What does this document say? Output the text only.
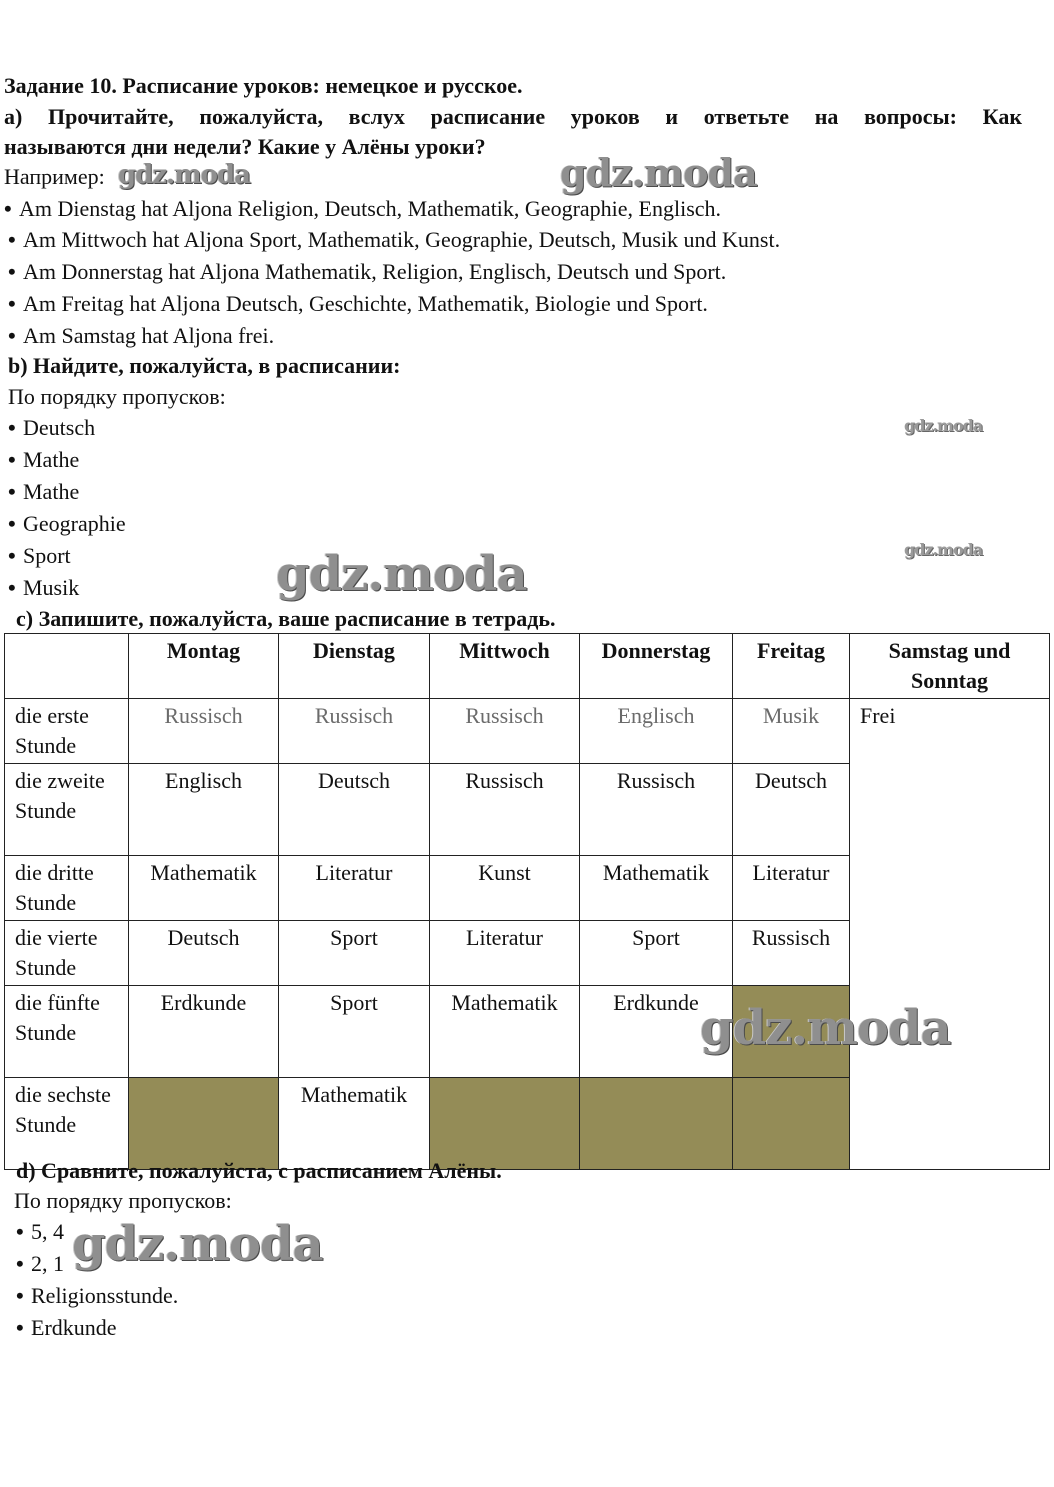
Задание 10. Расписание уроков: немецкое и русское.
a) Прочитайте, пожалуйста, вслух расписание уроков и ответьте на вопросы: Как
называются дни недели? Какие у Алёны уроки?
Например:
• Am Dienstag hat Aljona Religion, Deutsch, Mathematik, Geographie, Englisch.
• Am Mittwoch hat Aljona Sport, Mathematik, Geographie, Deutsch, Musik und Kunst.
• Am Donnerstag hat Aljona Mathematik, Religion, Englisch, Deutsch und Sport.
• Am Freitag hat Aljona Deutsch, Geschichte, Mathematik, Biologie und Sport.
• Am Samstag hat Aljona frei.
b) Найдите, пожалуйста, в расписании:
По порядку пропусков:
• Deutsch
• Mathe
• Mathe
• Geographie
• Sport
• Musik
c) Запишите, пожалуйста, ваше расписание в тетрадь.
	Montag	Dienstag	Mittwoch	Donnerstag	Freitag	Samstag und Sonntag
die erste Stunde	Russisch	Russisch	Russisch	Englisch	Musik	Frei
die zweite Stunde	Englisch	Deutsch	Russisch	Russisch	Deutsch	
die dritte Stunde	Mathematik	Literatur	Kunst	Mathematik	Literatur	
die vierte Stunde	Deutsch	Sport	Literatur	Sport	Russisch	
die fünfte Stunde	Erdkunde	Sport	Mathematik	Erdkunde		
die sechste Stunde		Mathematik				
d) Сравните, пожалуйста, с расписанием Алёны.
По порядку пропусков:
• 5, 4
• 2, 1
• Religionsstunde.
• Erdkunde
gdz.moda	gdz.moda
gdz.moda
gdz.moda
gdz.moda
gdz.moda
gdz.moda
